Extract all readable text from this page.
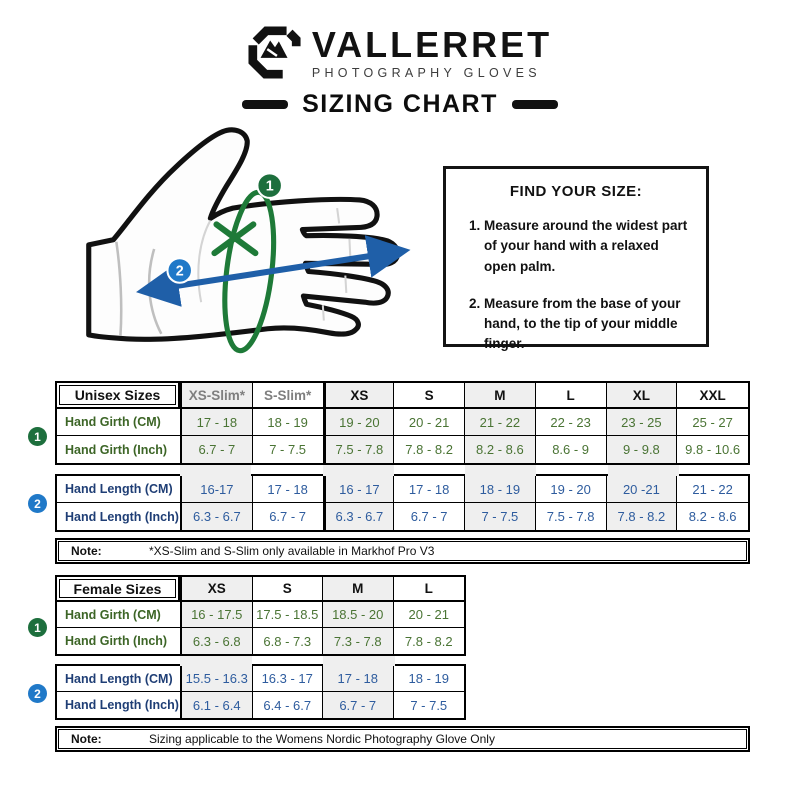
VALLERRET
PHOTOGRAPHY GLOVES
SIZING CHART
1
2
FIND YOUR SIZE:
1. Measure around the widest part of your hand with a relaxed open palm.
2. Measure from the base of your hand, to the tip of your middle finger.
Unisex Sizes	XS-Slim*	S-Slim*	XS	S	M	L	XL	XXL
Hand Girth (CM)	17 - 18	18 - 19	19 - 20	20 - 21	21 - 22	22 - 23	23 - 25	25 - 27
Hand Girth (Inch)	6.7 - 7	7 - 7.5	7.5 - 7.8	7.8 - 8.2	8.2 - 8.6	8.6 - 9	9 - 9.8	9.8 - 10.6
Hand Length (CM)	16-17	17 - 18	16 - 17	17 - 18	18 - 19	19 - 20	20 -21	21 - 22
Hand Length (Inch)	6.3 - 6.7	6.7 - 7	6.3 - 6.7	6.7 - 7	7 - 7.5	7.5 - 7.8	7.8 - 8.2	8.2 - 8.6
1
2
Note:	*XS-Slim and S-Slim only available in Markhof Pro V3
Female Sizes	XS	S	M	L
Hand Girth (CM)	16 - 17.5	17.5 - 18.5	18.5 - 20	20 - 21
Hand Girth (Inch)	6.3 - 6.8	6.8 - 7.3	7.3 - 7.8	7.8 - 8.2
Hand Length (CM)	15.5 - 16.3	16.3 - 17	17 - 18	18 - 19
Hand Length (Inch)	6.1 - 6.4	6.4 - 6.7	6.7 - 7	7 - 7.5
1
2
Note:	Sizing applicable to the Womens Nordic Photography Glove Only
